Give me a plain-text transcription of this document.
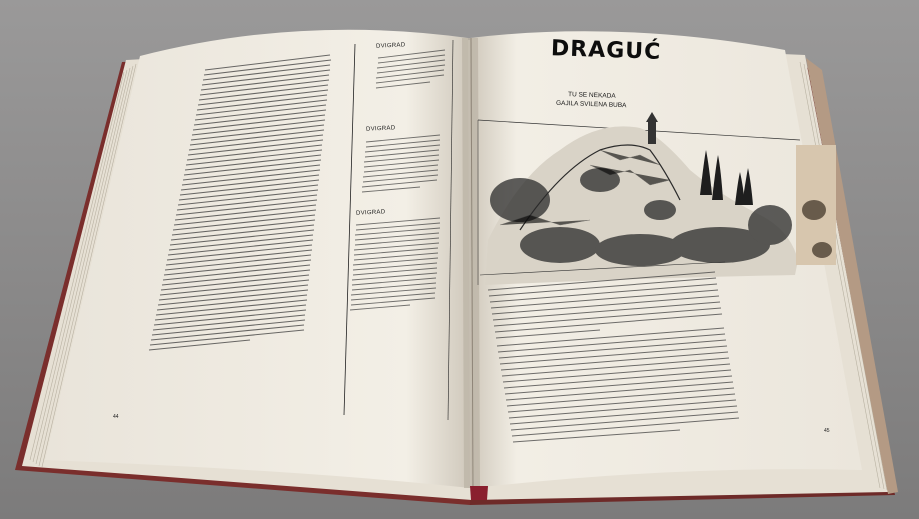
DRAGUĆ
TU SE NEKADA
GAJILA SVILENA BUBA
DVIGRAD
DVIGRAD
DVIGRAD
44
45
